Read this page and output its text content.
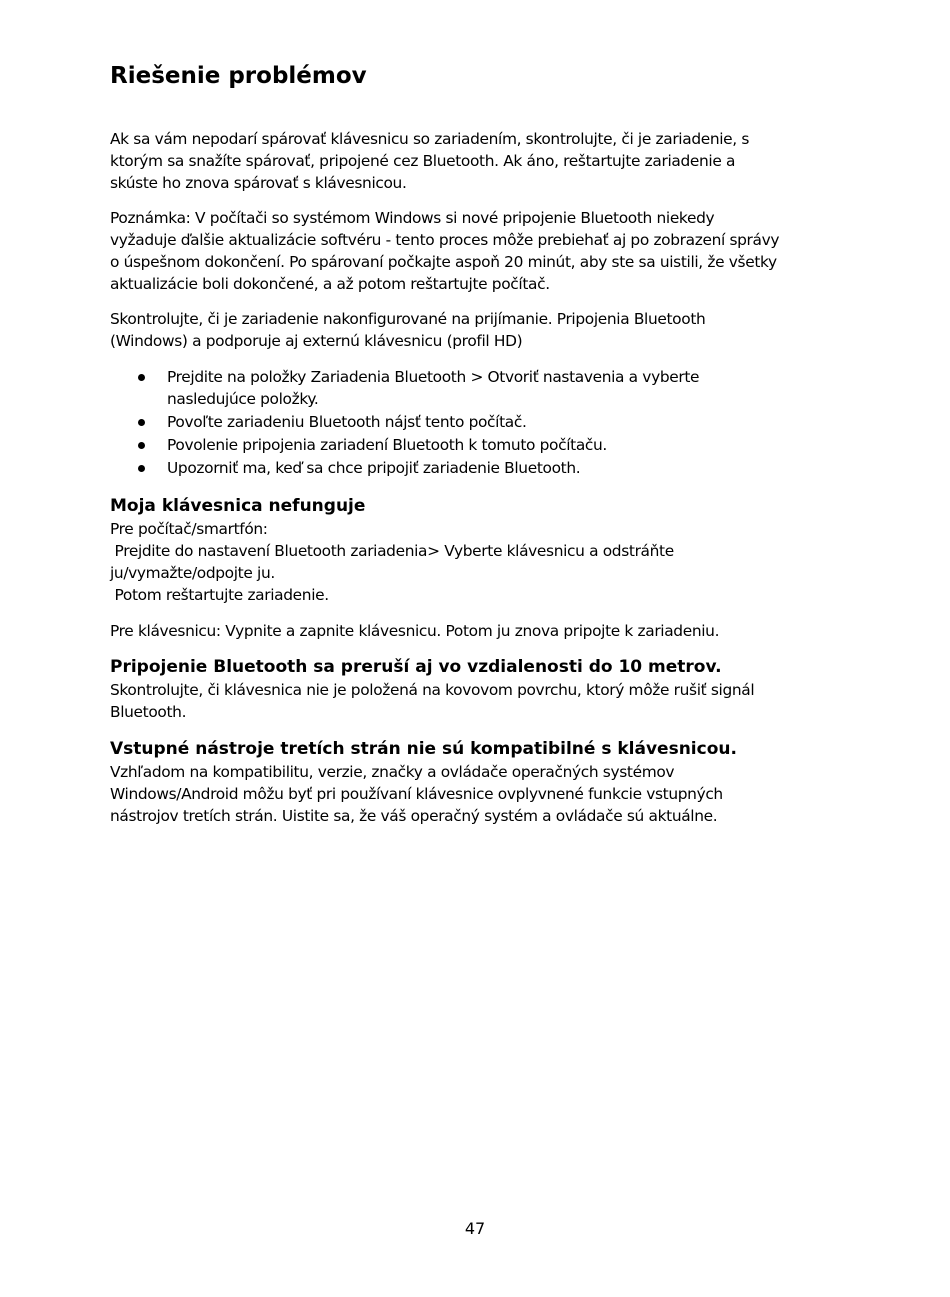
Riešenie problémov

Ak sa vám nepodarí spárovať klávesnicu so zariadením, skontrolujte, či je zariadenie, s
ktorým sa snažíte spárovať, pripojené cez Bluetooth. Ak áno, reštartujte zariadenie a
skúste ho znova spárovať s klávesnicou.

Poznámka: V počítači so systémom Windows si nové pripojenie Bluetooth niekedy
vyžaduje ďalšie aktualizácie softvéru - tento proces môže prebiehať aj po zobrazení správy
o úspešnom dokončení. Po spárovaní počkajte aspoň 20 minút, aby ste sa uistili, že všetky
aktualizácie boli dokončené, a až potom reštartujte počítač.

Skontrolujte, či je zariadenie nakonfigurované na prijímanie. Pripojenia Bluetooth
(Windows) a podporuje aj externú klávesnicu (profil HD)

Prejdite na položky Zariadenia Bluetooth > Otvoriť nastavenia a vyberte
nasledujúce položky.
Povoľte zariadeniu Bluetooth nájsť tento počítač.
Povolenie pripojenia zariadení Bluetooth k tomuto počítaču.
Upozorniť ma, keď sa chce pripojiť zariadenie Bluetooth.
Moja klávesnica nefunguje

Pre počítač/smartfón:
Prejdite do nastavení Bluetooth zariadenia> Vyberte klávesnicu a odstráňte
ju/vymažte/odpojte ju.
Potom reštartujte zariadenie.

Pre klávesnicu: Vypnite a zapnite klávesnicu. Potom ju znova pripojte k zariadeniu.

Pripojenie Bluetooth sa preruší aj vo vzdialenosti do 10 metrov.

Skontrolujte, či klávesnica nie je položená na kovovom povrchu, ktorý môže rušiť signál
Bluetooth.

Vstupné nástroje tretích strán nie sú kompatibilné s klávesnicou.

Vzhľadom na kompatibilitu, verzie, značky a ovládače operačných systémov
Windows/Android môžu byť pri používaní klávesnice ovplyvnené funkcie vstupných
nástrojov tretích strán. Uistite sa, že váš operačný systém a ovládače sú aktuálne.

47
